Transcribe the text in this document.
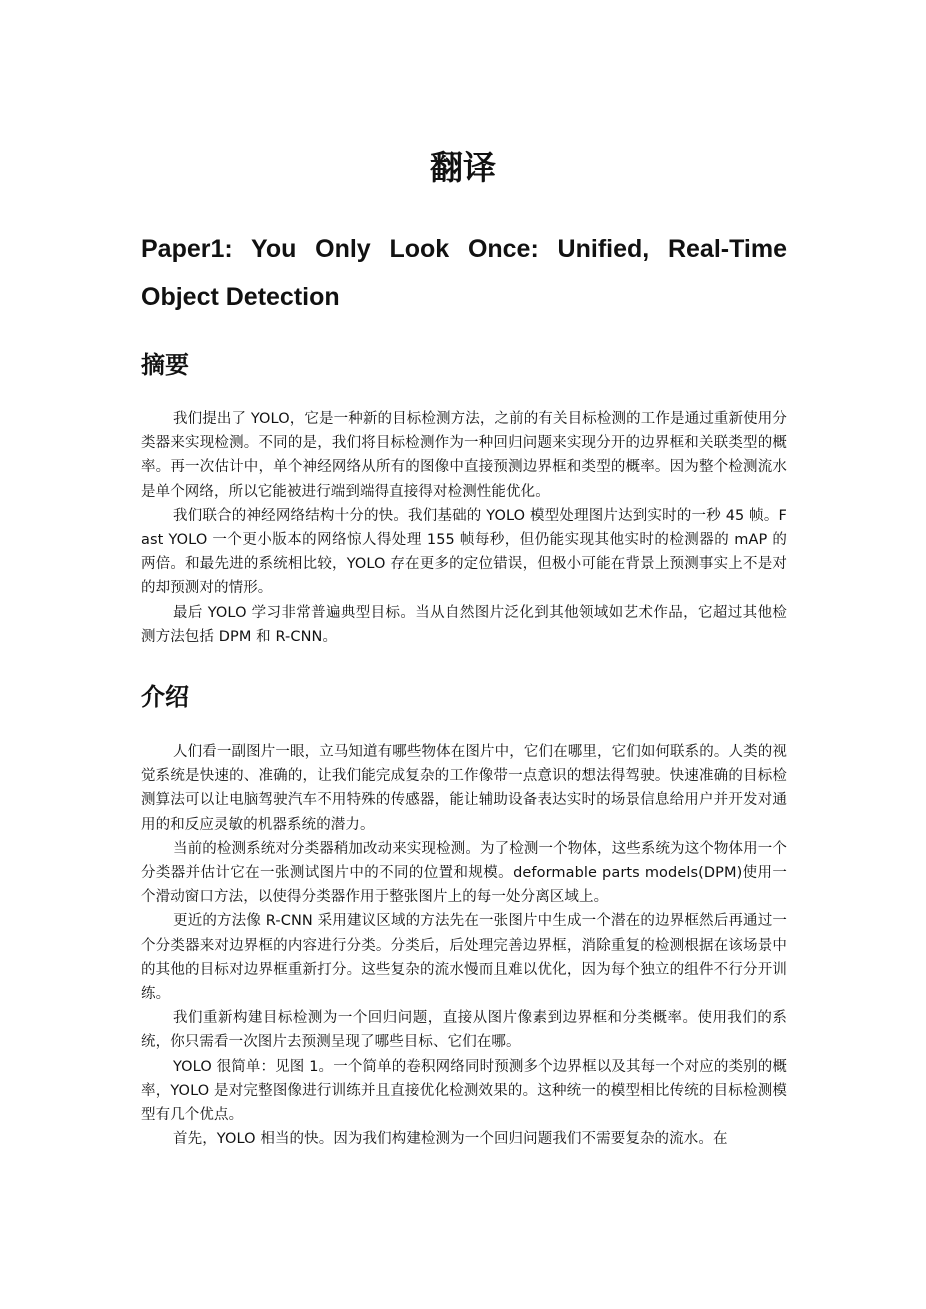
翻译
Paper1: You Only Look Once: Unified, Real-Time Object Detection
摘要

我们提出了 YOLO，它是一种新的目标检测方法，之前的有关目标检测的工作是通过重新使用分类器来实现检测。不同的是，我们将目标检测作为一种回归问题来实现分开的边界框和关联类型的概率。再一次估计中，单个神经网络从所有的图像中直接预测边界框和类型的概率。因为整个检测流水是单个网络，所以它能被进行端到端得直接得对检测性能优化。

我们联合的神经网络结构十分的快。我们基础的 YOLO 模型处理图片达到实时的一秒 45 帧。Fast YOLO 一个更小版本的网络惊人得处理 155 帧每秒，但仍能实现其他实时的检测器的 mAP 的两倍。和最先进的系统相比较，YOLO 存在更多的定位错误，但极小可能在背景上预测事实上不是对的却预测对的情形。

最后 YOLO 学习非常普遍典型目标。当从自然图片泛化到其他领域如艺术作品，它超过其他检测方法包括 DPM 和 R-CNN。

介绍

人们看一副图片一眼，立马知道有哪些物体在图片中，它们在哪里，它们如何联系的。人类的视觉系统是快速的、准确的，让我们能完成复杂的工作像带一点意识的想法得驾驶。快速准确的目标检测算法可以让电脑驾驶汽车不用特殊的传感器，能让辅助设备表达实时的场景信息给用户并开发对通用的和反应灵敏的机器系统的潜力。

当前的检测系统对分类器稍加改动来实现检测。为了检测一个物体，这些系统为这个物体用一个分类器并估计它在一张测试图片中的不同的位置和规模。deformable parts models(DPM)使用一个滑动窗口方法，以使得分类器作用于整张图片上的每一处分离区域上。

更近的方法像 R-CNN 采用建议区域的方法先在一张图片中生成一个潜在的边界框然后再通过一个分类器来对边界框的内容进行分类。分类后，后处理完善边界框，消除重复的检测根据在该场景中的其他的目标对边界框重新打分。这些复杂的流水慢而且难以优化，因为每个独立的组件不行分开训练。

我们重新构建目标检测为一个回归问题，直接从图片像素到边界框和分类概率。使用我们的系统，你只需看一次图片去预测呈现了哪些目标、它们在哪。

YOLO 很简单：见图 1。一个简单的卷积网络同时预测多个边界框以及其每一个对应的类别的概率，YOLO 是对完整图像进行训练并且直接优化检测效果的。这种统一的模型相比传统的目标检测模型有几个优点。

首先，YOLO 相当的快。因为我们构建检测为一个回归问题我们不需要复杂的流水。在
